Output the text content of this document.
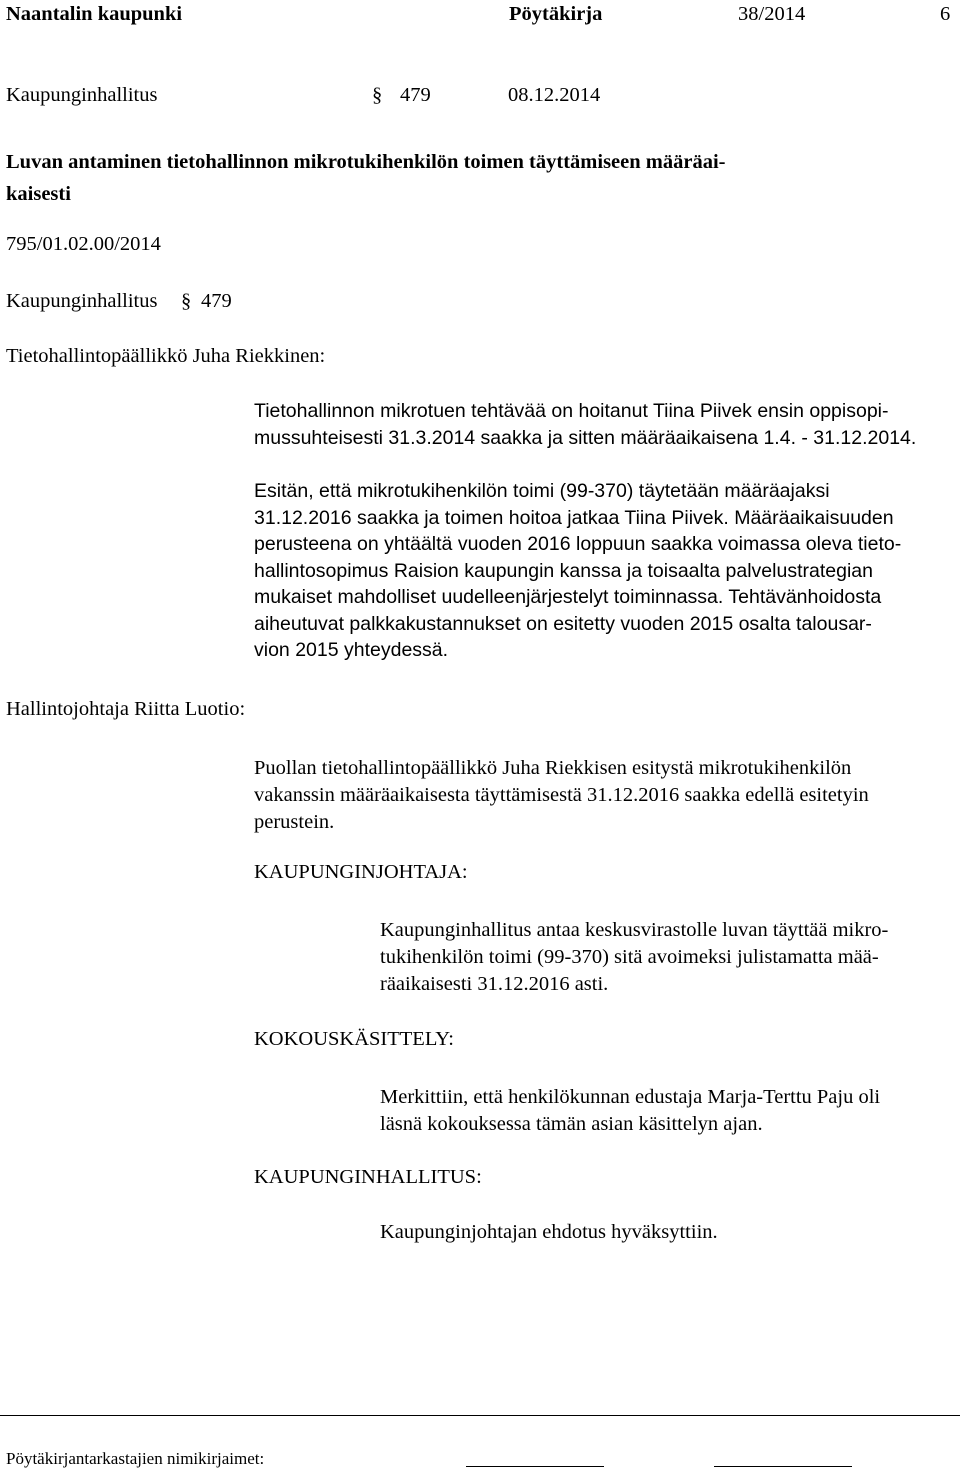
Naantalin kaupunki	Pöytäkirja	38/2014	6
Kaupunginhallitus	§ 479	08.12.2014
Luvan antaminen tietohallinnon mikrotukihenkilön toimen täyttämiseen määräai-
kaisesti
795/01.02.00/2014
Kaupunginhallitus § 479
Tietohallintopäällikkö Juha Riekkinen:
Tietohallinnon mikrotuen tehtävää on hoitanut Tiina Piivek ensin oppisopi-
mussuhteisesti 31.3.2014 saakka ja sitten määräaikaisena 1.4. - 31.12.2014.
Esitän, että mikrotukihenkilön toimi (99-370) täytetään määräajaksi
31.12.2016 saakka ja toimen hoitoa jatkaa Tiina Piivek. Määräaikaisuuden
perusteena on yhtäältä vuoden 2016 loppuun saakka voimassa oleva tieto-
hallintosopimus Raision kaupungin kanssa ja toisaalta palvelustrategian
mukaiset mahdolliset uudelleenjärjestelyt toiminnassa. Tehtävänhoidosta
aiheutuvat palkkakustannukset on esitetty vuoden 2015 osalta talousar-
vion 2015 yhteydessä.
Hallintojohtaja Riitta Luotio:
Puollan tietohallintopäällikkö Juha Riekkisen esitystä mikrotukihenkilön
vakanssin määräaikaisesta täyttämisestä 31.12.2016 saakka edellä esitetyin
perustein.
KAUPUNGINJOHTAJA:
Kaupunginhallitus antaa keskusvirastolle luvan täyttää mikro-
tukihenkilön toimi (99-370) sitä avoimeksi julistamatta mää-
räaikaisesti 31.12.2016 asti.
KOKOUSKÄSITTELY:
Merkittiin, että henkilökunnan edustaja Marja-Terttu Paju oli
läsnä kokouksessa tämän asian käsittelyn ajan.
KAUPUNGINHALLITUS:
Kaupunginjohtajan ehdotus hyväksyttiin.
Pöytäkirjantarkastajien nimikirjaimet:
